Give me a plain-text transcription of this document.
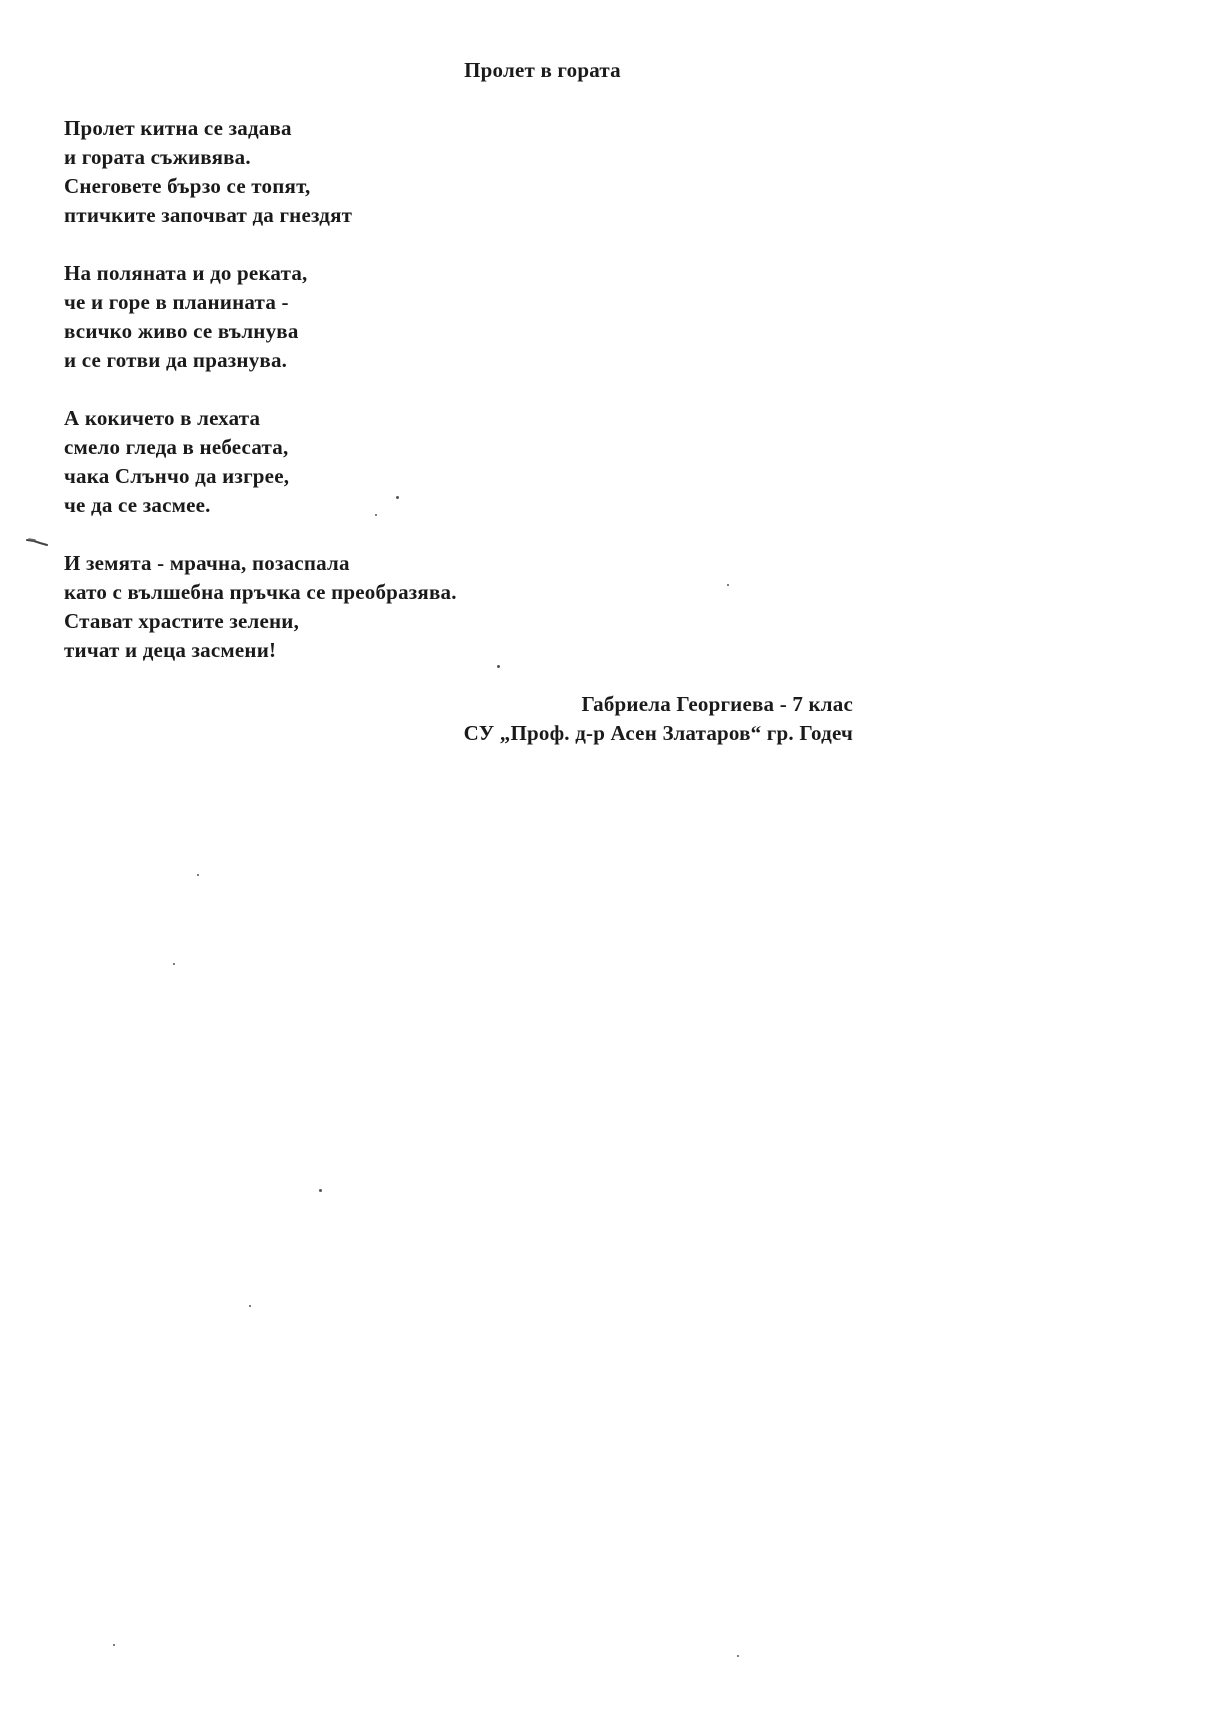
Пролет в гората
Пролет китна се задава
и гората съживява.
Снеговете бързо се топят,
птичките започват да гнездят
На поляната и до реката,
че и горе в планината -
всичко живо се вълнува
и се готви да празнува.
А кокичето в лехата
смело гледа в небесата,
чака Слънчо да изгрее,
че да се засмее.
И земята - мрачна, позаспала
като с вълшебна пръчка се преобразява.
Стават храстите зелени,
тичат и деца засмени!
Габриела Георгиева - 7 клас
СУ „Проф. д-р Асен Златаров“ гр. Годеч
